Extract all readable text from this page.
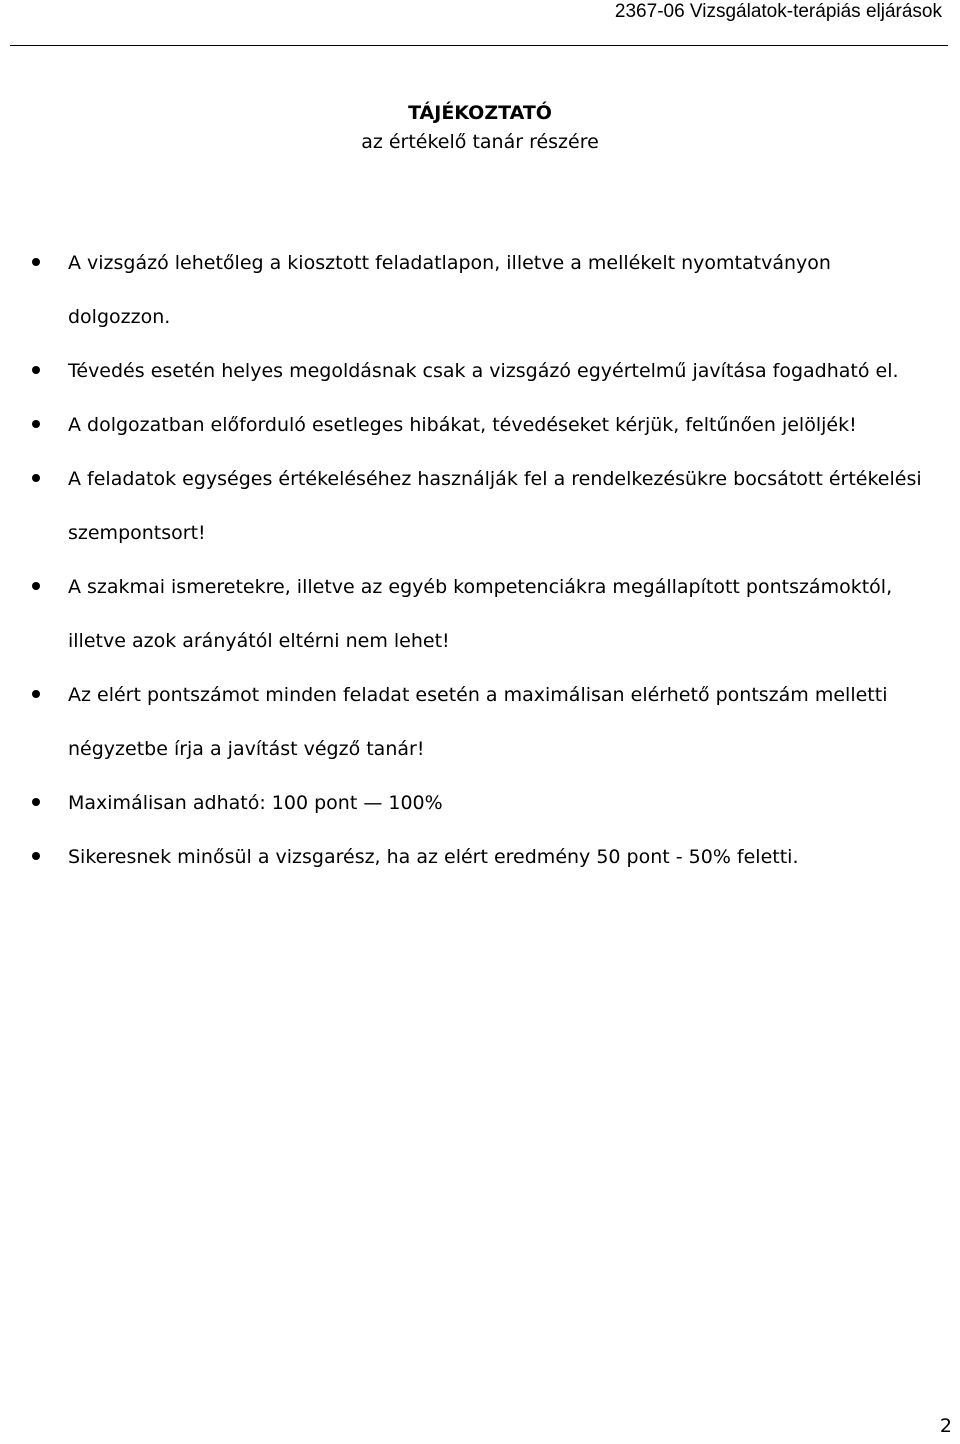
2367-06 Vizsgálatok-terápiás eljárások
TÁJÉKOZTATÓ
az értékelő tanár részére
A vizsgázó lehetőleg a kiosztott feladatlapon, illetve a mellékelt nyomtatványon
dolgozzon.
Tévedés esetén helyes megoldásnak csak a vizsgázó egyértelmű javítása fogadható el.
A dolgozatban előforduló esetleges hibákat, tévedéseket kérjük, feltűnően jelöljék!
A feladatok egységes értékeléséhez használják fel a rendelkezésükre bocsátott értékelési
szempontsort!
A szakmai ismeretekre, illetve az egyéb kompetenciákra megállapított pontszámoktól,
illetve azok arányától eltérni nem lehet!
Az elért pontszámot minden feladat esetén a maximálisan elérhető pontszám melletti
négyzetbe írja a javítást végző tanár!
Maximálisan adható: 100 pont — 100%
Sikeresnek minősül a vizsgarész, ha az elért eredmény 50 pont - 50% feletti.
2
